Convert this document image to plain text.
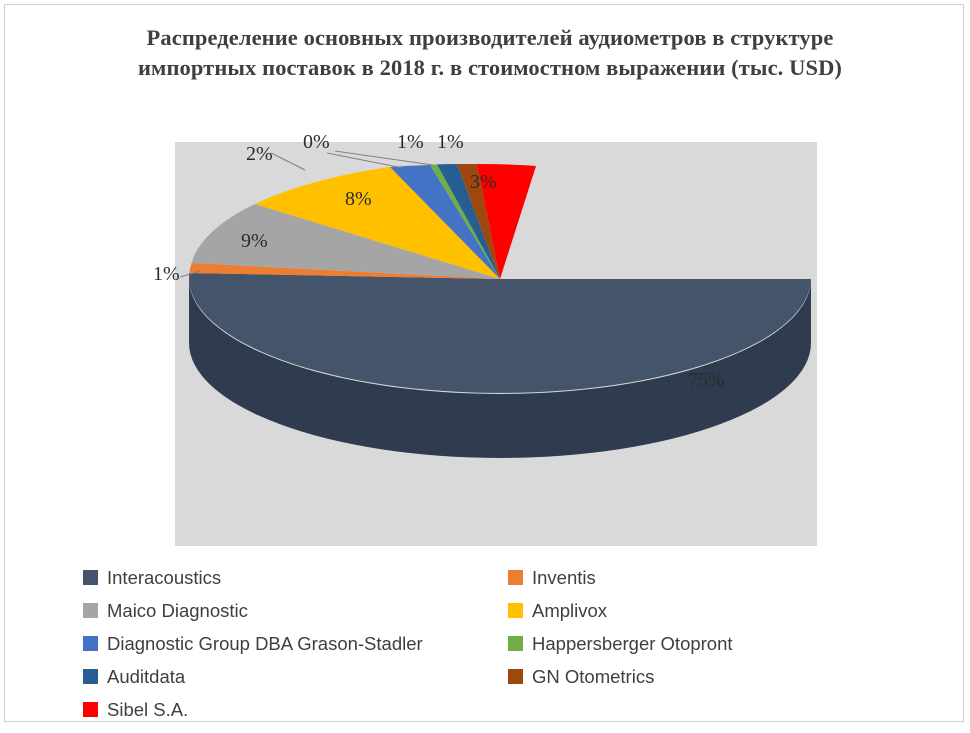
Распределение основных производителей аудиометров в структуре импортных поставок в 2018 г. в стоимостном выражении (тыс. USD)
75%
1%
9%
8%
2%
0%	1% 1%
3%
Interacoustics	Inventis
Maico Diagnostic	Amplivox
Diagnostic Group DBA Grason-Stadler	Happersberger Otopront
Auditdata	GN Otometrics
Sibel S.A.
